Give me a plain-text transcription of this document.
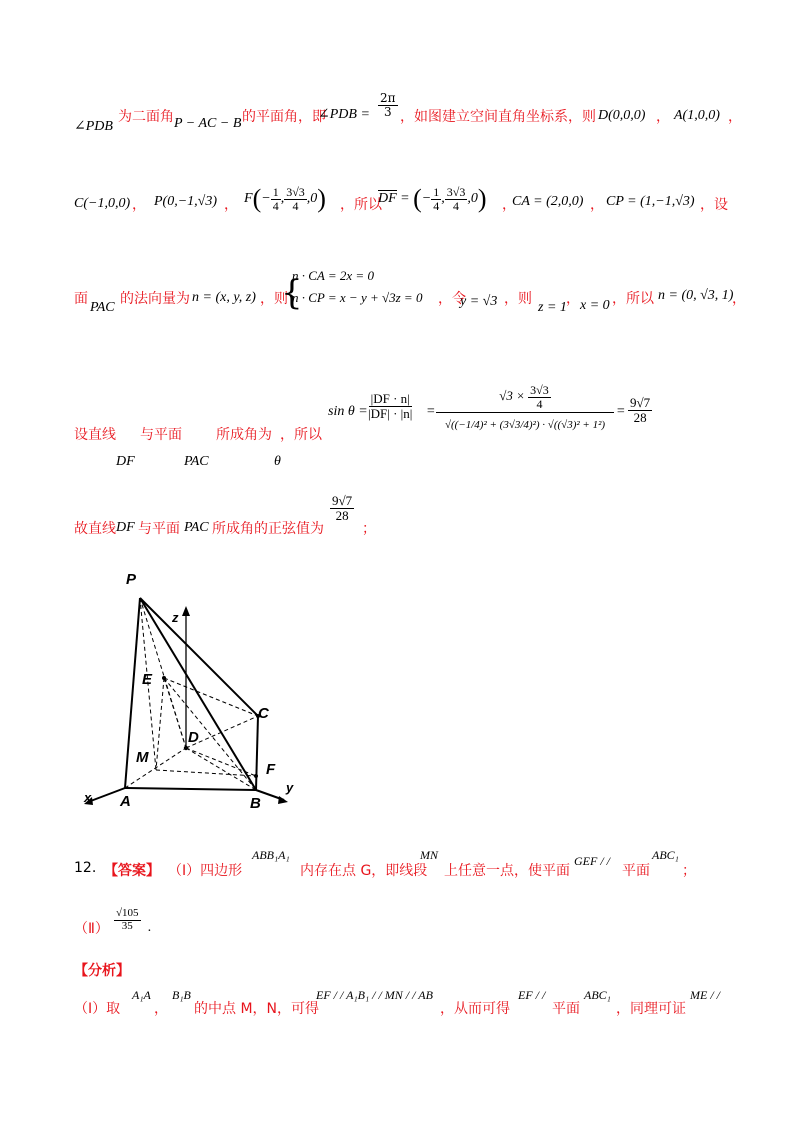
∠PDB
为二面角 P − AC − B 的平面角，即
∠PDB = $\frac{2\pi}{3}$ ，如图建立空间直角坐标系，则 D(0,0,0) ， A(1,0,0) ，
C(−1,0,0) ， P(0,−1,√3) ， $F(- \frac{1}{4}$ , $\frac{3√3}{4} ,0$) ，所以
DF = (− $\frac{1}{4}$ , $\frac{3√3}{4} ,0$) ，
CA = (2,0,0) ， CP = (1,−1,√3) ，设
面
PAC
的法向量为 n = (x, y, z) ，则
{
n · CA = 2x = 0
n · CP = x − y + √3z = 0 ，令
y = √3 ，则
z = 1
， x = 0 ，所以 n = (0, √3, 1)
，
设直线 与平面 所成角为 ，所以
DF	PAC	θ
sin θ =
$\frac{|DF \cdot n|}{|DF| \cdot |n|}$ =
$√3 \times \frac{3√3}{4}$
√((−1/4)² + (3√3/4)²) · √((√3)² + 1²)
= $\frac{9√7}{28}$
故直线 DF 与平面 PAC 所成角的正弦值为
$\frac{9√7}{28}$
；
P
z
E
C
D
M
F
x A	B
y
12. 【答案】 （Ⅰ）四边形
ABB₁A₁
内存在点 G，即线段
MN
上任意一点，使平面
GEF / /
平面
ABC₁
；
（Ⅱ） $\frac{√105}{35}$ .
【分析】
（Ⅰ）取
A₁A
，
B₁B
的中点 M，N，可得
EF / / A₁B₁ / / MN / / AB
，从而可得
EF / /
平面
ABC₁
，同理可证
ME / /
